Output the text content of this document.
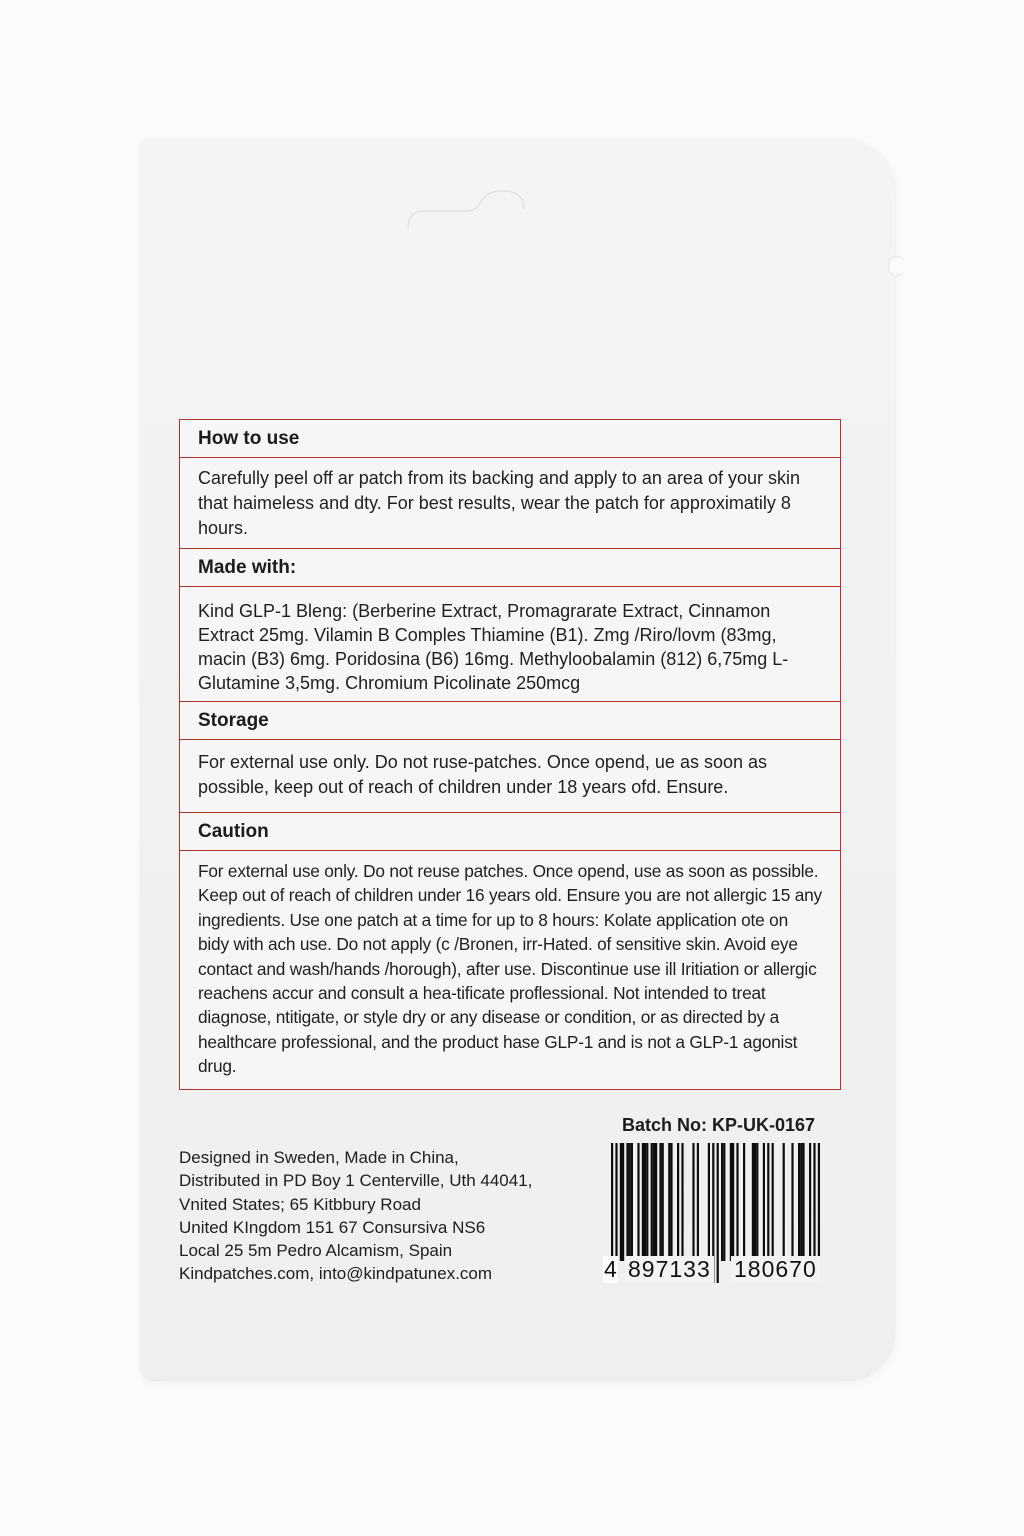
How to use
Carefully peel off ar patch from its backing and apply to an area of your skin that haimeless and dty. For best results, wear the patch for approximatily 8 hours.
Made with:
Kind GLP-1 Bleng: (Berberine Extract, Promagrarate Extract, Cinnamon Extract 25mg. Vilamin B Comples Thiamine (B1). Zmg /Riro/lovm (83mg, macin (B3) 6mg. Poridosina (B6) 16mg. Methyloobalamin (812) 6,75mg L-Glutamine 3,5mg. Chromium Picolinate 250mcg
Storage
For external use only. Do not ruse-patches. Once opend, ue as soon as possible, keep out of reach of children under 18 years ofd. Ensure.
Caution
For external use only. Do not reuse patches. Once opend, use as soon as possible. Keep out of reach of children under 16 years old. Ensure you are not allergic 15 any ingredients. Use one patch at a time for up to 8 hours: Kolate application ote on bidy with ach use. Do not apply (c /Bronen, irr-Hated. of sensitive skin. Avoid eye contact and wash/hands /horough), after use. Discontinue use ill Iritiation or allergic reachens accur and consult a hea-tificate proflessional. Not intended to treat diagnose, ntitigate, or style dry or any disease or condition, or as directed by a healthcare professional, and the product hase GLP-1 and is not a GLP-1 agonist drug.
Designed in Sweden, Made in China,
Distributed in PD Boy 1 Centerville, Uth 44041,
Vnited States; 65 Kitbbury Road
United KIngdom 151 67 Consursiva NS6
Local 25 5m Pedro Alcamism, Spain
Kindpatches.com, into@kindpatunex.com
Batch No: KP-UK-0167

4

897133

180670
